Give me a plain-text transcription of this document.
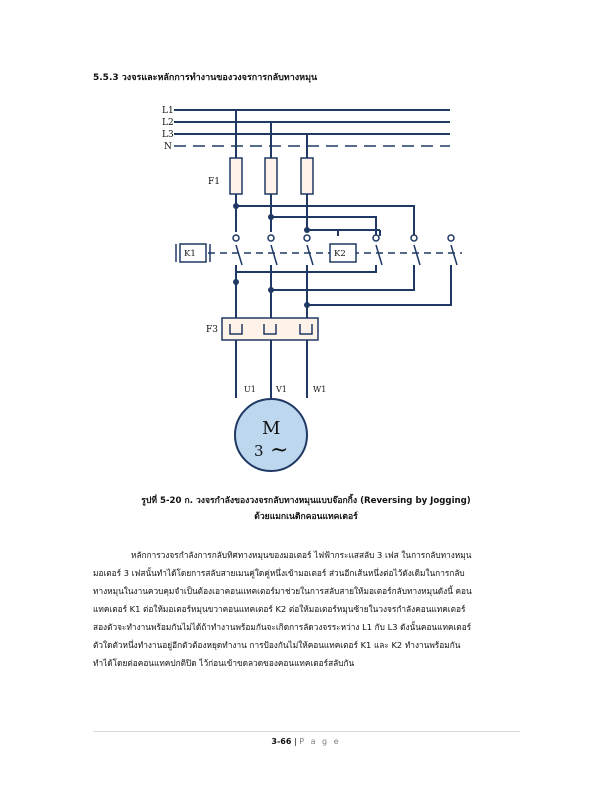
5.5.3 วงจรและหลักการทำงานของวงจรการกลับทางหมุน
L1
L2
L3
N
F1
K1	K2
F3
U1	V1	W1
M
3 ~
รูปที่ 5-20 ก. วงจรกำลังของวงจรกลับทางหมุนแบบจ๊อกกิ้ง (Reversing by Jogging)
ด้วยแมกเนติกคอนแทคเตอร์

หลักการวงจรกำลังการกลับทิศทางหมุนของมอเตอร์ ไฟฟ้ากระแสสลับ 3 เฟส ในการกลับทางหมุน

มอเตอร์ 3 เฟสนั้นทำได้โดยการสลับสายเมนคู่ใดคู่หนึ่งเข้ามอเตอร์ ส่วนอีกเส้นหนึ่งต่อไว้ดังเดิมในการกลับ

ทางหมุนในงานควบคุมจำเป็นต้องเอาคอนแทคเตอร์มาช่วยในการสลับสายให้มอเตอร์กลับทางหมุนดังนี้ คอน

แทคเตอร์ K1 ต่อให้มอเตอร์หมุนขวาคอนแทคเตอร์ K2 ต่อให้มอเตอร์หมุนซ้ายในวงจรกำลังคอนแทคเตอร์

สองตัวจะทำงานพร้อมกันไม่ได้ถ้าทำงานพร้อมกันจะเกิดการลัดวงจรระหว่าง L1 กับ L3 ดังนั้นคอนแทคเตอร์

ตัวใดตัวหนึ่งทำงานอยู่อีกตัวต้องหยุดทำงาน การป้องกันไม่ให้คอนแทคเตอร์ K1 และ K2 ทำงานพร้อมกัน

ทำได้โดยต่อคอนแทคปกติปิด ไว้ก่อนเข้าขดลวดของคอนแทคเตอร์สลับกัน

3-66 | P a g e
